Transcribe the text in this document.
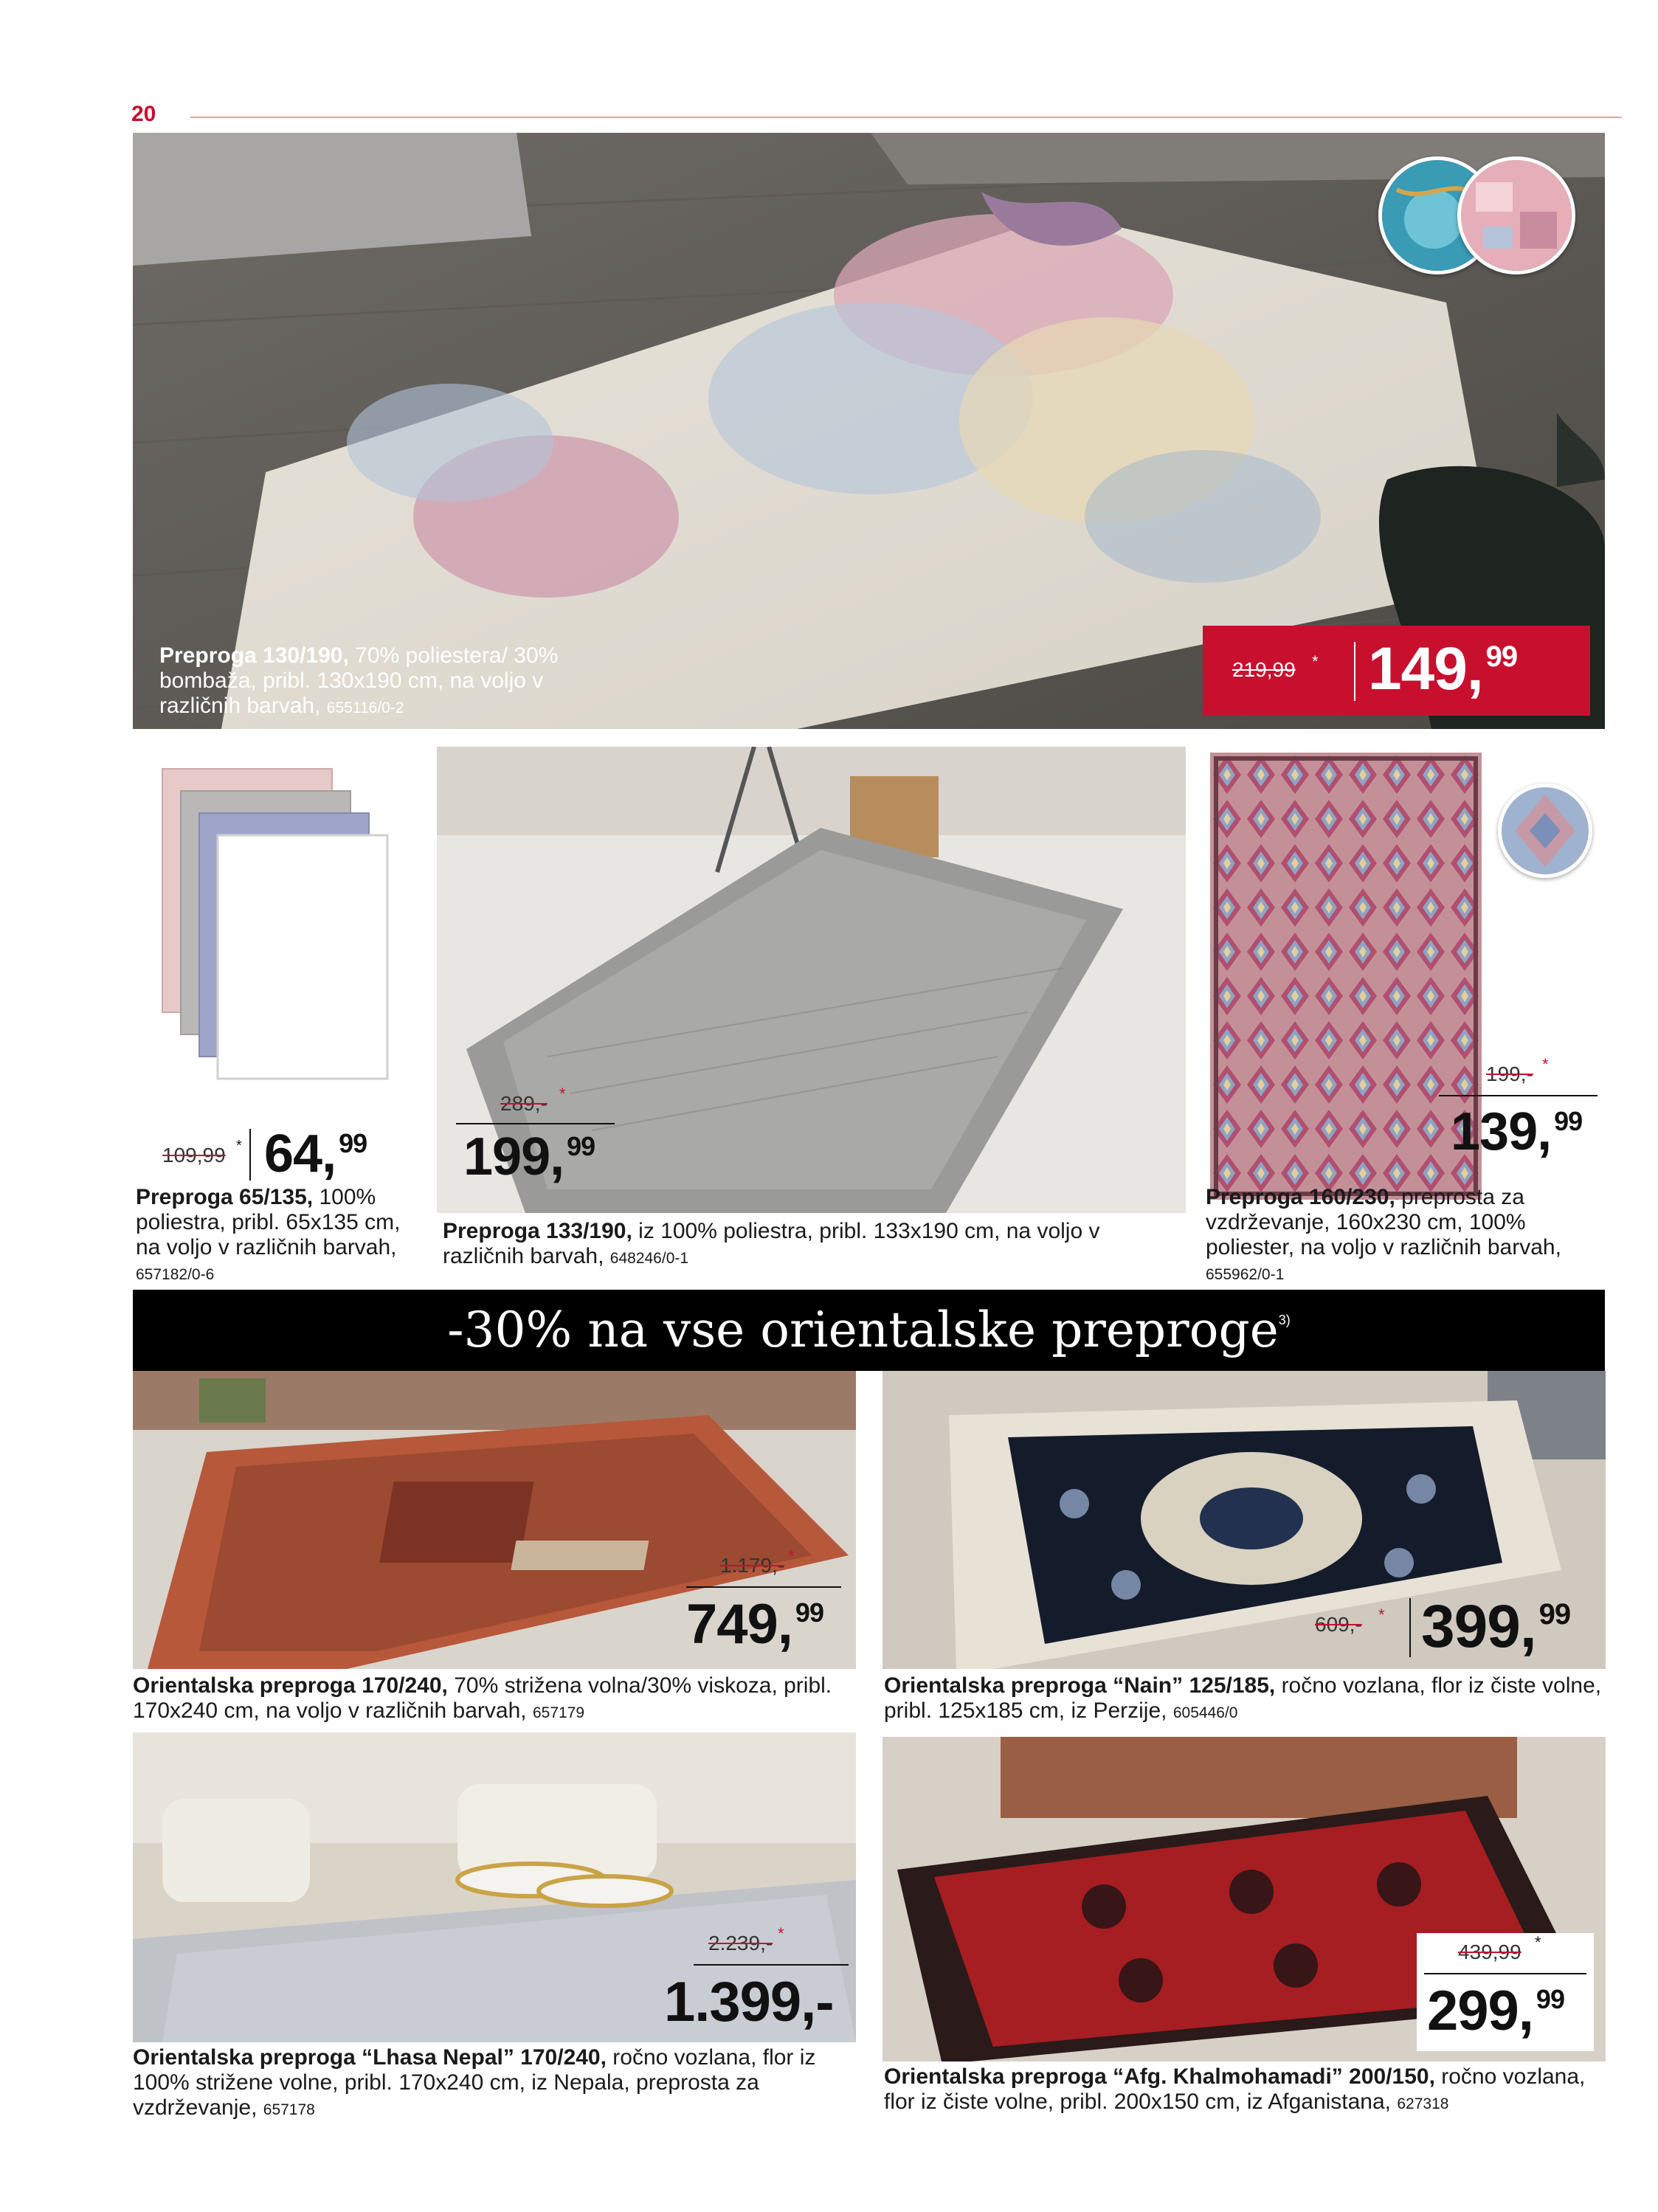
20
Preproga 130/190, 70% poliestera/ 30% bombaža, pribl. 130x190 cm, na voljo v različnih barvah, 655116/0-2
219,99 * 149, $^{99}$
109,99 * 64, $^{99}$
Preproga 65/135, 100% poliestra, pribl. 65x135 cm, na voljo v različnih barvah,
657182/0-6
289,- *
199, $^{99}$
Preproga 133/190, iz 100% poliestra, pribl. 133x190 cm, na voljo v različnih barvah, 648246/0-1
199,- *
139, $^{99}$
Preproga 160/230, preprosta za vzdrževanje, 160x230 cm, 100% poliester, na voljo v različnih barvah,
655962/0-1
-30% na vse orientalske preproge$^{3)}$
1.179,- *
749, $^{99}$
Orientalska preproga 170/240, 70% strižena volna/30% viskoza, pribl. 170x240 cm, na voljo v različnih barvah, 657179
609,- * 399, $^{99}$
Orientalska preproga “Nain” 125/185, ročno vozlana, flor iz čiste volne, pribl. 125x185 cm, iz Perzije, 605446/0
2.239,- *
1.399,-
Orientalska preproga “Lhasa Nepal” 170/240, ročno vozlana, flor iz 100% strižene volne, pribl. 170x240 cm, iz Nepala, preprosta za vzdrževanje, 657178
439,99 *
299, $^{99}$
Orientalska preproga “Afg. Khalmohamadi” 200/150, ročno vozlana, flor iz čiste volne, pribl. 200x150 cm, iz Afganistana, 627318
